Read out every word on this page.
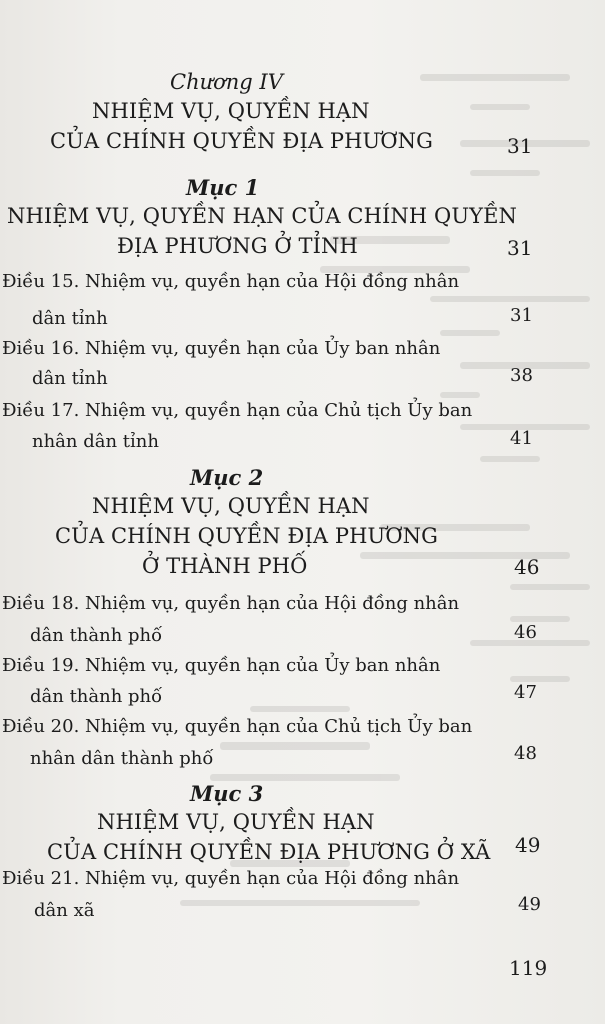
Chương IV
NHIỆM VỤ, QUYỀN HẠN
CỦA CHÍNH QUYỀN ĐỊA PHƯƠNG	31
Mục 1
NHIỆM VỤ, QUYỀN HẠN CỦA CHÍNH QUYỀN
ĐỊA PHƯƠNG Ở TỈNH	31
Điều 15. Nhiệm vụ, quyền hạn của Hội đồng nhân
dân tỉnh	31
Điều 16. Nhiệm vụ, quyền hạn của Ủy ban nhân
dân tỉnh	38
Điều 17. Nhiệm vụ, quyền hạn của Chủ tịch Ủy ban
nhân dân tỉnh	41
Mục 2
NHIỆM VỤ, QUYỀN HẠN
CỦA CHÍNH QUYỀN ĐỊA PHƯƠNG
Ở THÀNH PHỐ	46
Điều 18. Nhiệm vụ, quyền hạn của Hội đồng nhân
dân thành phố	46
Điều 19. Nhiệm vụ, quyền hạn của Ủy ban nhân
dân thành phố	47
Điều 20. Nhiệm vụ, quyền hạn của Chủ tịch Ủy ban
nhân dân thành phố	48
Mục 3
NHIỆM VỤ, QUYỀN HẠN
CỦA CHÍNH QUYỀN ĐỊA PHƯƠNG Ở XÃ 49
Điều 21. Nhiệm vụ, quyền hạn của Hội đồng nhân
dân xã	49
119
